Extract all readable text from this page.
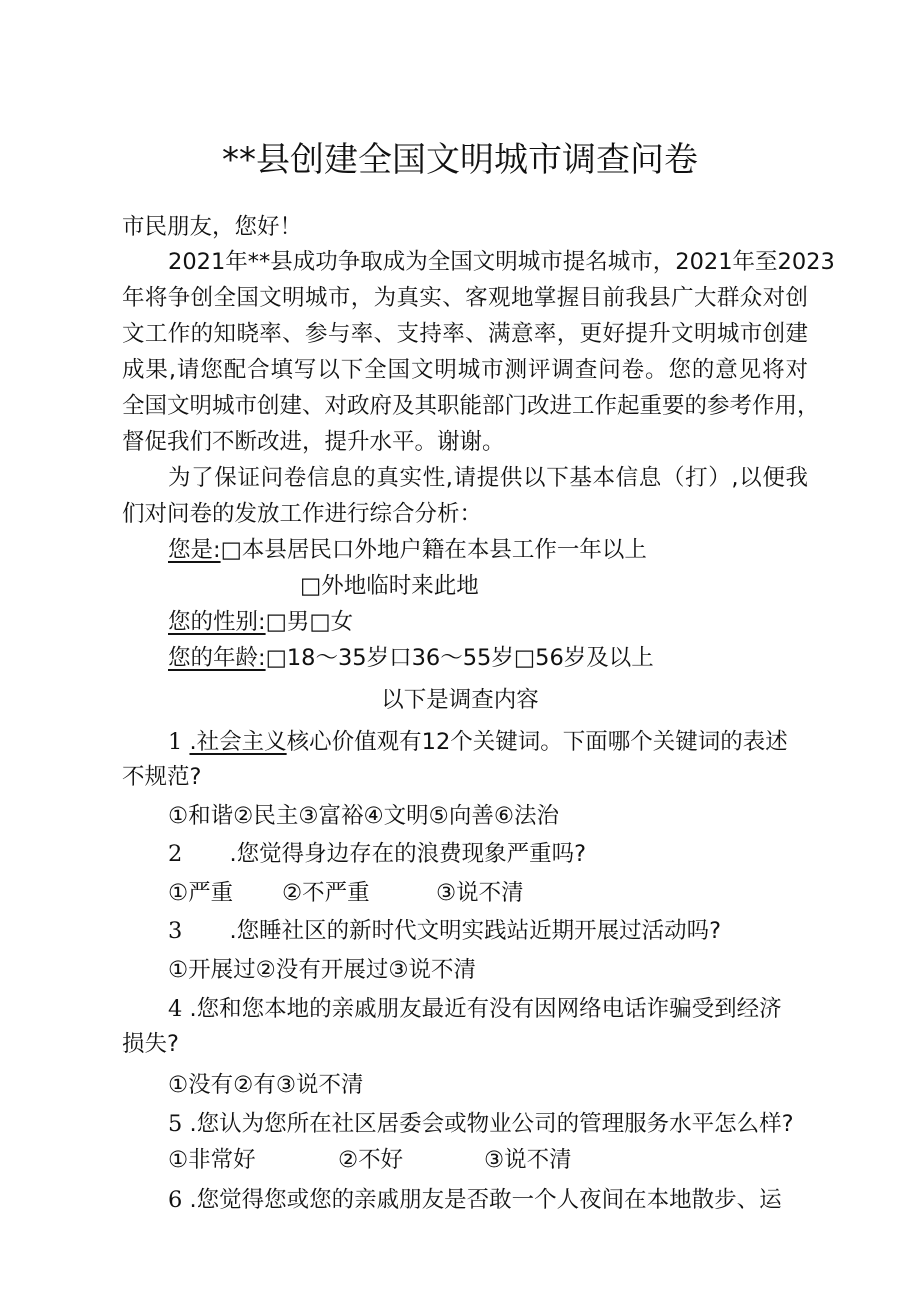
**县创建全国文明城市调查问卷
市民朋友，您好！
2021年**县成功争取成为全国文明城市提名城市，2021年至2023
年将争创全国文明城市，为真实、客观地掌握目前我县广大群众对创
文工作的知晓率、参与率、支持率、满意率，更好提升文明城市创建
成果,请您配合填写以下全国文明城市测评调查问卷。您的意见将对
全国文明城市创建、对政府及其职能部门改进工作起重要的参考作用，
督促我们不断改进，提升水平。谢谢。
为了保证问卷信息的真实性,请提供以下基本信息（打）,以便我
们对问卷的发放工作进行综合分析：
您是:□本县居民口外地户籍在本县工作一年以上
□外地临时来此地
您的性别:□男□女
您的年龄:□18～35岁口36～55岁□56岁及以上
以下是调查内容
1 .社会主义核心价值观有12个关键词。下面哪个关键词的表述
不规范?
①和谐②民主③富裕④文明⑤向善⑥法治
2 .您觉得身边存在的浪费现象严重吗?
①严重 ②不严重	③说不清
3 .您睡社区的新时代文明实践站近期开展过活动吗?
①开展过②没有开展过③说不清
4 .您和您本地的亲戚朋友最近有没有因网络电话诈骗受到经济
损失?
①没有②有③说不清
5 .您认为您所在社区居委会或物业公司的管理服务水平怎么样?
①非常好	②不好	③说不清
6 .您觉得您或您的亲戚朋友是否敢一个人夜间在本地散步、运
